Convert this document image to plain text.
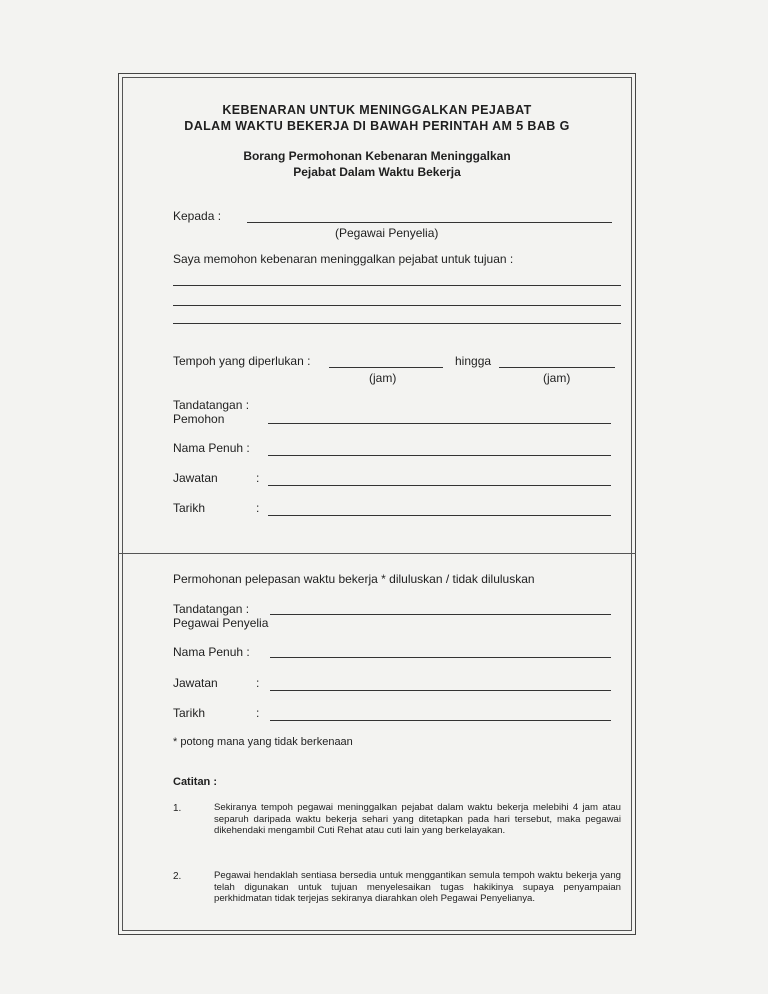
KEBENARAN UNTUK MENINGGALKAN PEJABAT
DALAM WAKTU BEKERJA DI BAWAH PERINTAH AM 5 BAB G
Borang Permohonan Kebenaran Meninggalkan
Pejabat Dalam Waktu Bekerja
Kepada :
(Pegawai Penyelia)
Saya memohon kebenaran meninggalkan pejabat untuk tujuan :
Tempoh yang diperlukan :	hingga
(jam)	(jam)
Tandatangan :
Pemohon
Nama Penuh :
Jawatan	:
Tarikh	:
Permohonan pelepasan waktu bekerja * diluluskan / tidak diluluskan
Tandatangan :
Pegawai Penyelia
Nama Penuh :
Jawatan	:
Tarikh	:
* potong mana yang tidak berkenaan
Catitan :
1.	Sekiranya tempoh pegawai meninggalkan pejabat dalam waktu bekerja melebihi 4 jam atau separuh daripada waktu bekerja sehari yang ditetapkan pada hari tersebut, maka pegawai dikehendaki mengambil Cuti Rehat atau cuti lain yang berkelayakan.
2.	Pegawai hendaklah sentiasa bersedia untuk menggantikan semula tempoh waktu bekerja yang telah digunakan untuk tujuan menyelesaikan tugas hakikinya supaya penyampaian perkhidmatan tidak terjejas sekiranya diarahkan oleh Pegawai Penyelianya.
